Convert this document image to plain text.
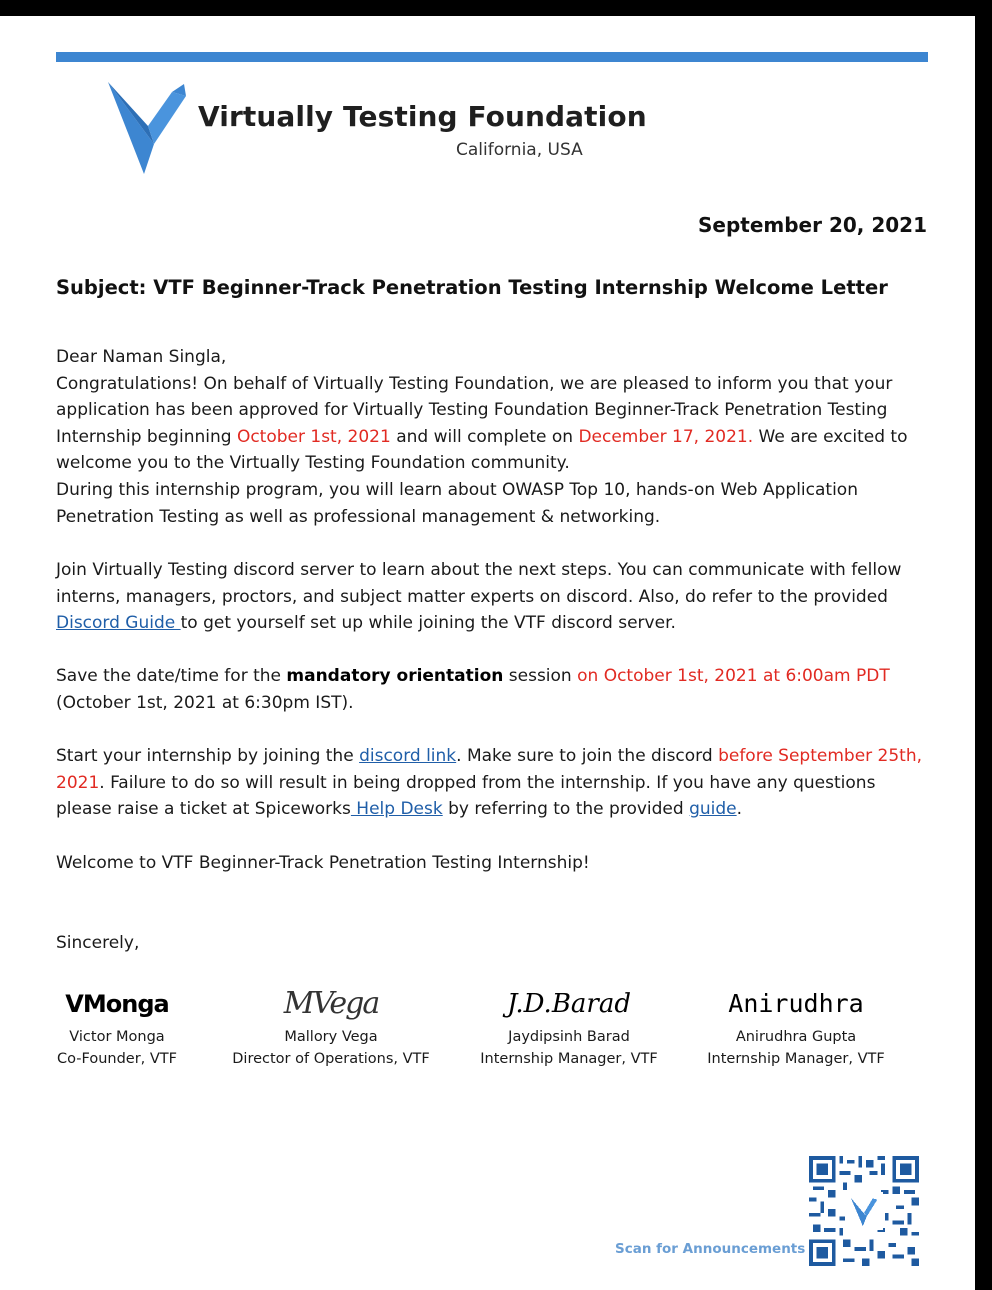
Virtually Testing Foundation
California, USA
September 20, 2021
Subject: VTF Beginner-Track Penetration Testing Internship Welcome Letter
Dear Naman Singla,
Congratulations! On behalf of Virtually Testing Foundation, we are pleased to inform you that your application has been approved for Virtually Testing Foundation Beginner-Track Penetration Testing Internship beginning October 1st, 2021 and will complete on December 17, 2021. We are excited to welcome you to the Virtually Testing Foundation community.
During this internship program, you will learn about OWASP Top 10, hands-on Web Application Penetration Testing as well as professional management & networking.
Join Virtually Testing discord server to learn about the next steps. You can communicate with fellow interns, managers, proctors, and subject matter experts on discord. Also, do refer to the provided Discord Guide to get yourself set up while joining the VTF discord server.
Save the date/time for the mandatory orientation session on October 1st, 2021 at 6:00am PDT (October 1st, 2021 at 6:30pm IST).
Start your internship by joining the discord link. Make sure to join the discord before September 25th, 2021. Failure to do so will result in being dropped from the internship. If you have any questions please raise a ticket at Spiceworks Help Desk by referring to the provided guide.
Welcome to VTF Beginner-Track Penetration Testing Internship!
Sincerely,
VMonga
Victor Monga
Co-Founder, VTF
MVega
Mallory Vega
Director of Operations, VTF
J.D.Barad
Jaydipsinh Barad
Internship Manager, VTF
Anirudhra
Anirudhra Gupta
Internship Manager, VTF
Scan for Announcements
